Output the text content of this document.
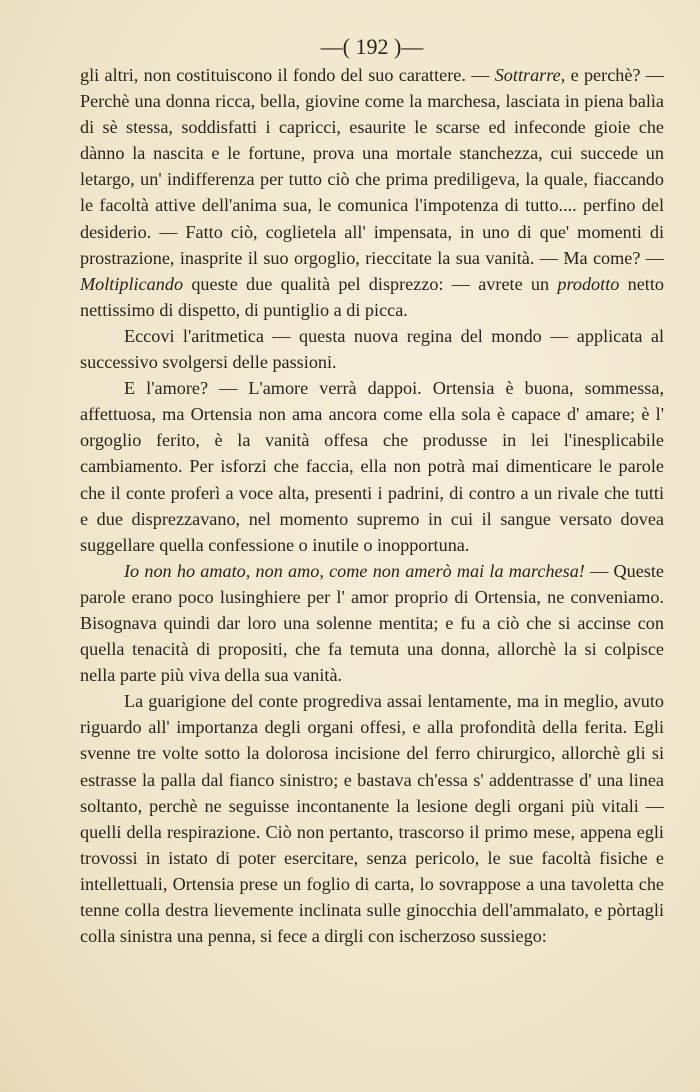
—( 192 )—

gli altri, non costituiscono il fondo del suo carattere. — Sottrarre, e perchè? — Perchè una donna ricca, bella, giovine come la marchesa, lasciata in piena balìa di sè stessa, soddisfatti i capricci, esaurite le scarse ed infeconde gioie che dànno la nascita e le fortune, prova una mortale stanchezza, cui succede un letargo, un' indifferenza per tutto ciò che prima prediligeva, la quale, fiaccando le facoltà attive dell'anima sua, le comunica l'impotenza di tutto.... perfino del desiderio. — Fatto ciò, coglietela all' impensata, in uno di que' momenti di prostrazione, inasprite il suo orgoglio, rieccitate la sua vanità. — Ma come? — Moltiplicando queste due qualità pel disprezzo: — avrete un prodotto netto nettissimo di dispetto, di puntiglio a di picca.

Eccovi l'aritmetica — questa nuova regina del mondo — applicata al successivo svolgersi delle passioni.

E l'amore? — L'amore verrà dappoi. Ortensia è buona, sommessa, affettuosa, ma Ortensia non ama ancora come ella sola è capace d' amare; è l' orgoglio ferito, è la vanità offesa che produsse in lei l'inesplicabile cambiamento. Per isforzi che faccia, ella non potrà mai dimenticare le parole che il conte proferì a voce alta, presenti i padrini, di contro a un rivale che tutti e due disprezzavano, nel momento supremo in cui il sangue versato dovea suggellare quella confessione o inutile o inopportuna.

Io non ho amato, non amo, come non amerò mai la marchesa! — Queste parole erano poco lusinghiere per l' amor proprio di Ortensia, ne conveniamo. Bisognava quindi dar loro una solenne mentita; e fu a ciò che si accinse con quella tenacità di propositi, che fa temuta una donna, allorchè la si colpisce nella parte più viva della sua vanità.

La guarigione del conte progrediva assai lentamente, ma in meglio, avuto riguardo all' importanza degli organi offesi, e alla profondità della ferita. Egli svenne tre volte sotto la dolorosa incisione del ferro chirurgico, allorchè gli si estrasse la palla dal fianco sinistro; e bastava ch'essa s' addentrasse d' una linea soltanto, perchè ne seguisse incontanente la lesione degli organi più vitali — quelli della respirazione. Ciò non pertanto, trascorso il primo mese, appena egli trovossi in istato di poter esercitare, senza pericolo, le sue facoltà fisiche e intellettuali, Ortensia prese un foglio di carta, lo sovrappose a una tavoletta che tenne colla destra lievemente inclinata sulle ginocchia dell'ammalato, e pòrtagli colla sinistra una penna, si fece a dirgli con ischerzoso sussiego:
